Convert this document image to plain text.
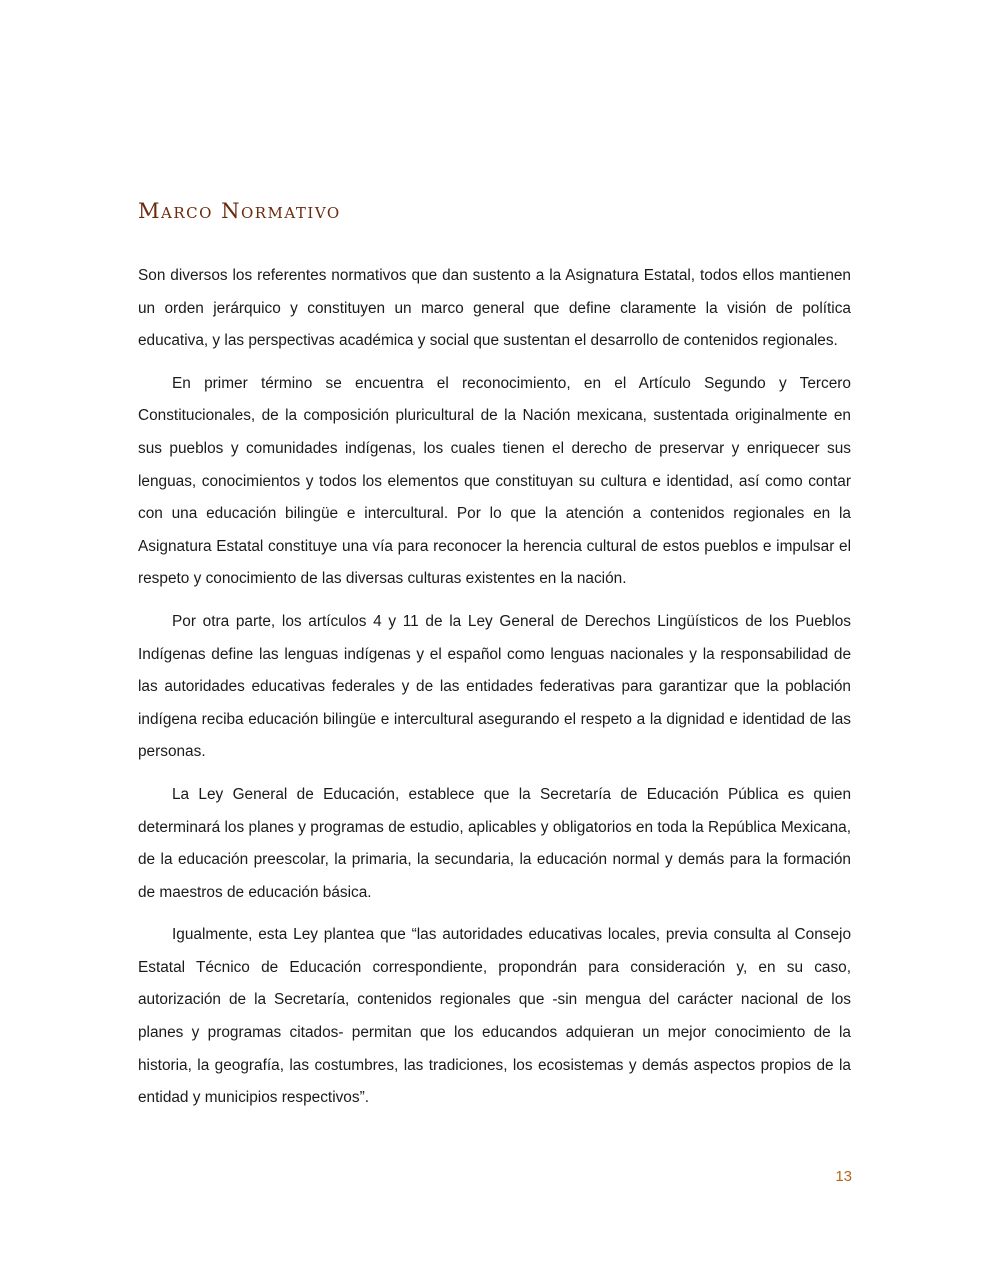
Marco Normativo

Son diversos los referentes normativos que dan sustento a la Asignatura Estatal, todos ellos mantienen un orden jerárquico y constituyen un marco general que define claramente la visión de política educativa, y las perspectivas académica y social que sustentan el desarrollo de contenidos regionales.

En primer término se encuentra el reconocimiento, en el Artículo Segundo y Tercero Constitucionales, de la composición pluricultural de la Nación mexicana, sustentada originalmente en sus pueblos y comunidades indígenas, los cuales tienen el derecho de preservar y enriquecer sus lenguas, conocimientos y todos los elementos que constituyan su cultura e identidad, así como contar con una educación bilingüe e intercultural. Por lo que la atención a contenidos regionales en la Asignatura Estatal constituye una vía para reconocer la herencia cultural de estos pueblos e impulsar el respeto y conocimiento de las diversas culturas existentes en la nación.

Por otra parte, los artículos 4 y 11 de la Ley General de Derechos Lingüísticos de los Pueblos Indígenas define las lenguas indígenas y el español como lenguas nacionales y la responsabilidad de las autoridades educativas federales y de las entidades federativas para garantizar que la población indígena reciba educación bilingüe e intercultural asegurando el respeto a la dignidad e identidad de las personas.

La Ley General de Educación, establece que la Secretaría de Educación Pública es quien determinará los planes y programas de estudio, aplicables y obligatorios en toda la República Mexicana, de la educación preescolar, la primaria, la secundaria, la educación normal y demás para la formación de maestros de educación básica.

Igualmente, esta Ley plantea que “las autoridades educativas locales, previa consulta al Consejo Estatal Técnico de Educación correspondiente, propondrán para consideración y, en su caso, autorización de la Secretaría, contenidos regionales que -sin mengua del carácter nacional de los planes y programas citados- permitan que los educandos adquieran un mejor conocimiento de la historia, la geografía, las costumbres, las tradiciones, los ecosistemas y demás aspectos propios de la entidad y municipios respectivos”.

13
